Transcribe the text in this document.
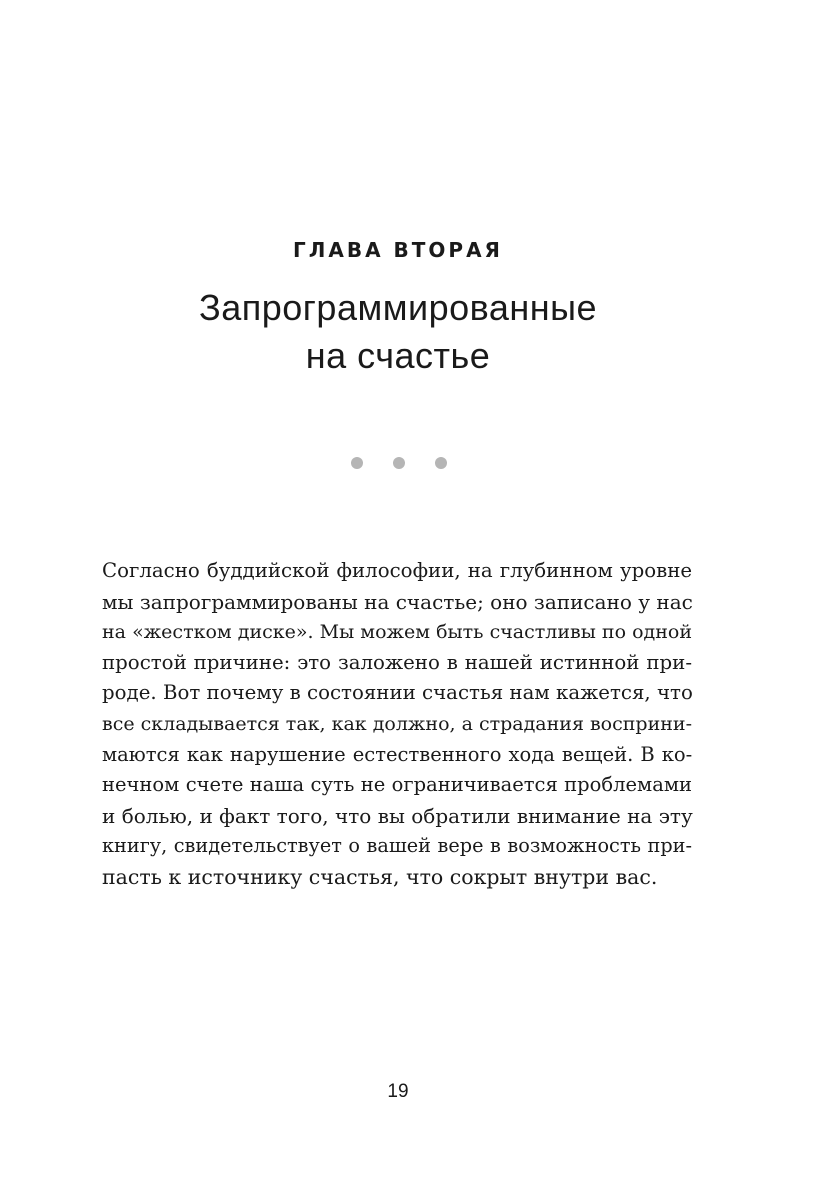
ГЛАВА ВТОРАЯ
Запрограммированные
на счастье
Согласно буддийской философии, на глубинном уровне
мы запрограммированы на счастье; оно записано у нас
на «жестком диске». Мы можем быть счастливы по одной
простой причине: это заложено в нашей истинной при-
роде. Вот почему в состоянии счастья нам кажется, что
все складывается так, как должно, а страдания восприни-
маются как нарушение естественного хода вещей. В ко-
нечном счете наша суть не ограничивается проблемами
и болью, и факт того, что вы обратили внимание на эту
книгу, свидетельствует о вашей вере в возможность при-
пасть к источнику счастья, что сокрыт внутри вас.
19
